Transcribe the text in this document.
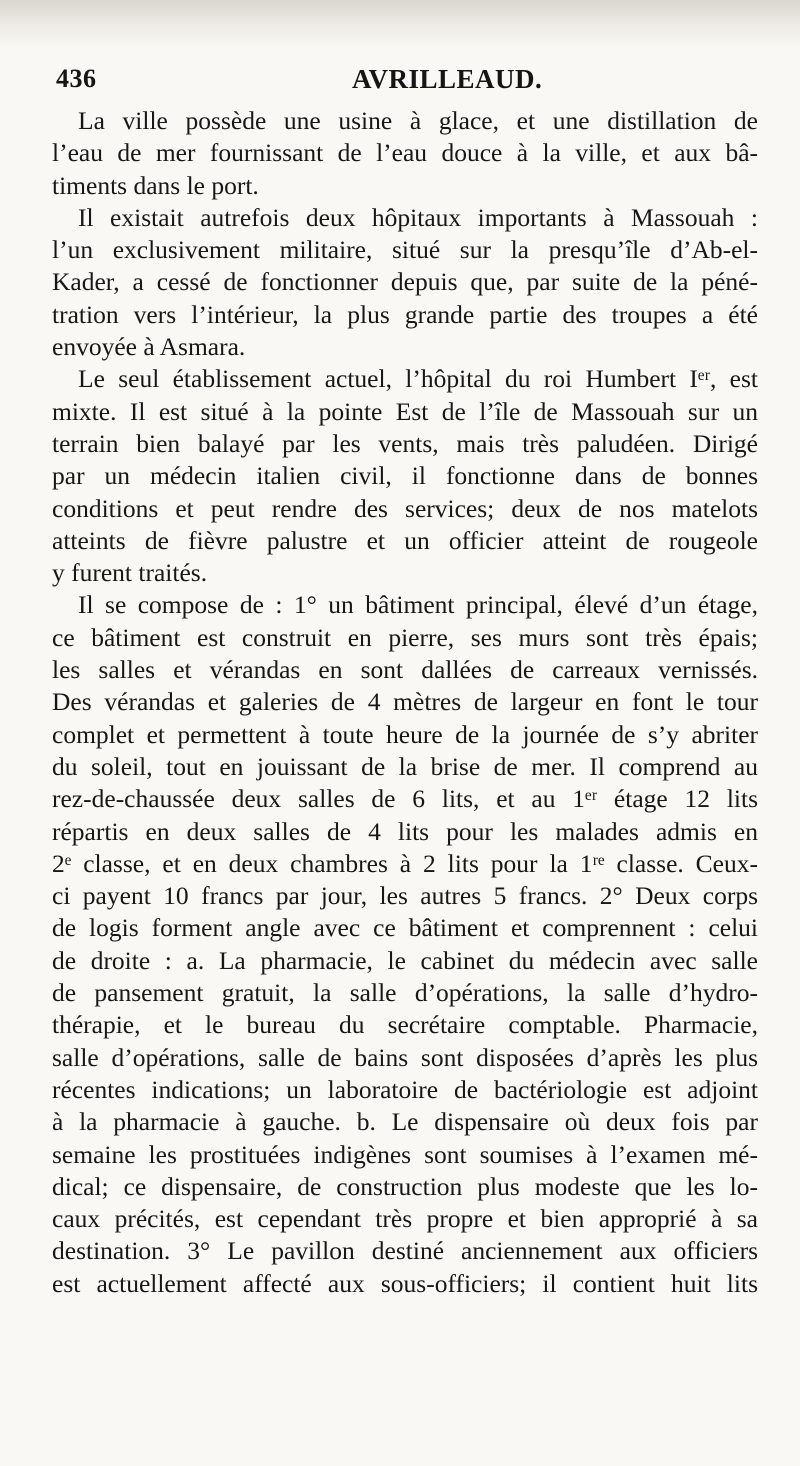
436	AVRILLEAUD.
La ville possède une usine à glace, et une distillation de
l’eau de mer fournissant de l’eau douce à la ville, et aux bâ-
timents dans le port.
Il existait autrefois deux hôpitaux importants à Massouah :
l’un exclusivement militaire, situé sur la presqu’île d’Ab-el-
Kader, a cessé de fonctionner depuis que, par suite de la péné-
tration vers l’intérieur, la plus grande partie des troupes a été
envoyée à Asmara.
Le seul établissement actuel, l’hôpital du roi Humbert Iᵉʳ, est
mixte. Il est situé à la pointe Est de l’île de Massouah sur un
terrain bien balayé par les vents, mais très paludéen. Dirigé
par un médecin italien civil, il fonctionne dans de bonnes
conditions et peut rendre des services; deux de nos matelots
atteints de fièvre palustre et un officier atteint de rougeole
y furent traités.
Il se compose de : 1° un bâtiment principal, élevé d’un étage,
ce bâtiment est construit en pierre, ses murs sont très épais;
les salles et vérandas en sont dallées de carreaux vernissés.
Des vérandas et galeries de 4 mètres de largeur en font le tour
complet et permettent à toute heure de la journée de s’y abriter
du soleil, tout en jouissant de la brise de mer. Il comprend au
rez-de-chaussée deux salles de 6 lits, et au 1ᵉʳ étage 12 lits
répartis en deux salles de 4 lits pour les malades admis en
2ᵉ classe, et en deux chambres à 2 lits pour la 1ʳᵉ classe. Ceux-
ci payent 10 francs par jour, les autres 5 francs. 2° Deux corps
de logis forment angle avec ce bâtiment et comprennent : celui
de droite : a. La pharmacie, le cabinet du médecin avec salle
de pansement gratuit, la salle d’opérations, la salle d’hydro-
thérapie, et le bureau du secrétaire comptable. Pharmacie,
salle d’opérations, salle de bains sont disposées d’après les plus
récentes indications; un laboratoire de bactériologie est adjoint
à la pharmacie à gauche. b. Le dispensaire où deux fois par
semaine les prostituées indigènes sont soumises à l’examen mé-
dical; ce dispensaire, de construction plus modeste que les lo-
caux précités, est cependant très propre et bien approprié à sa
destination. 3° Le pavillon destiné anciennement aux officiers
est actuellement affecté aux sous-officiers; il contient huit lits
